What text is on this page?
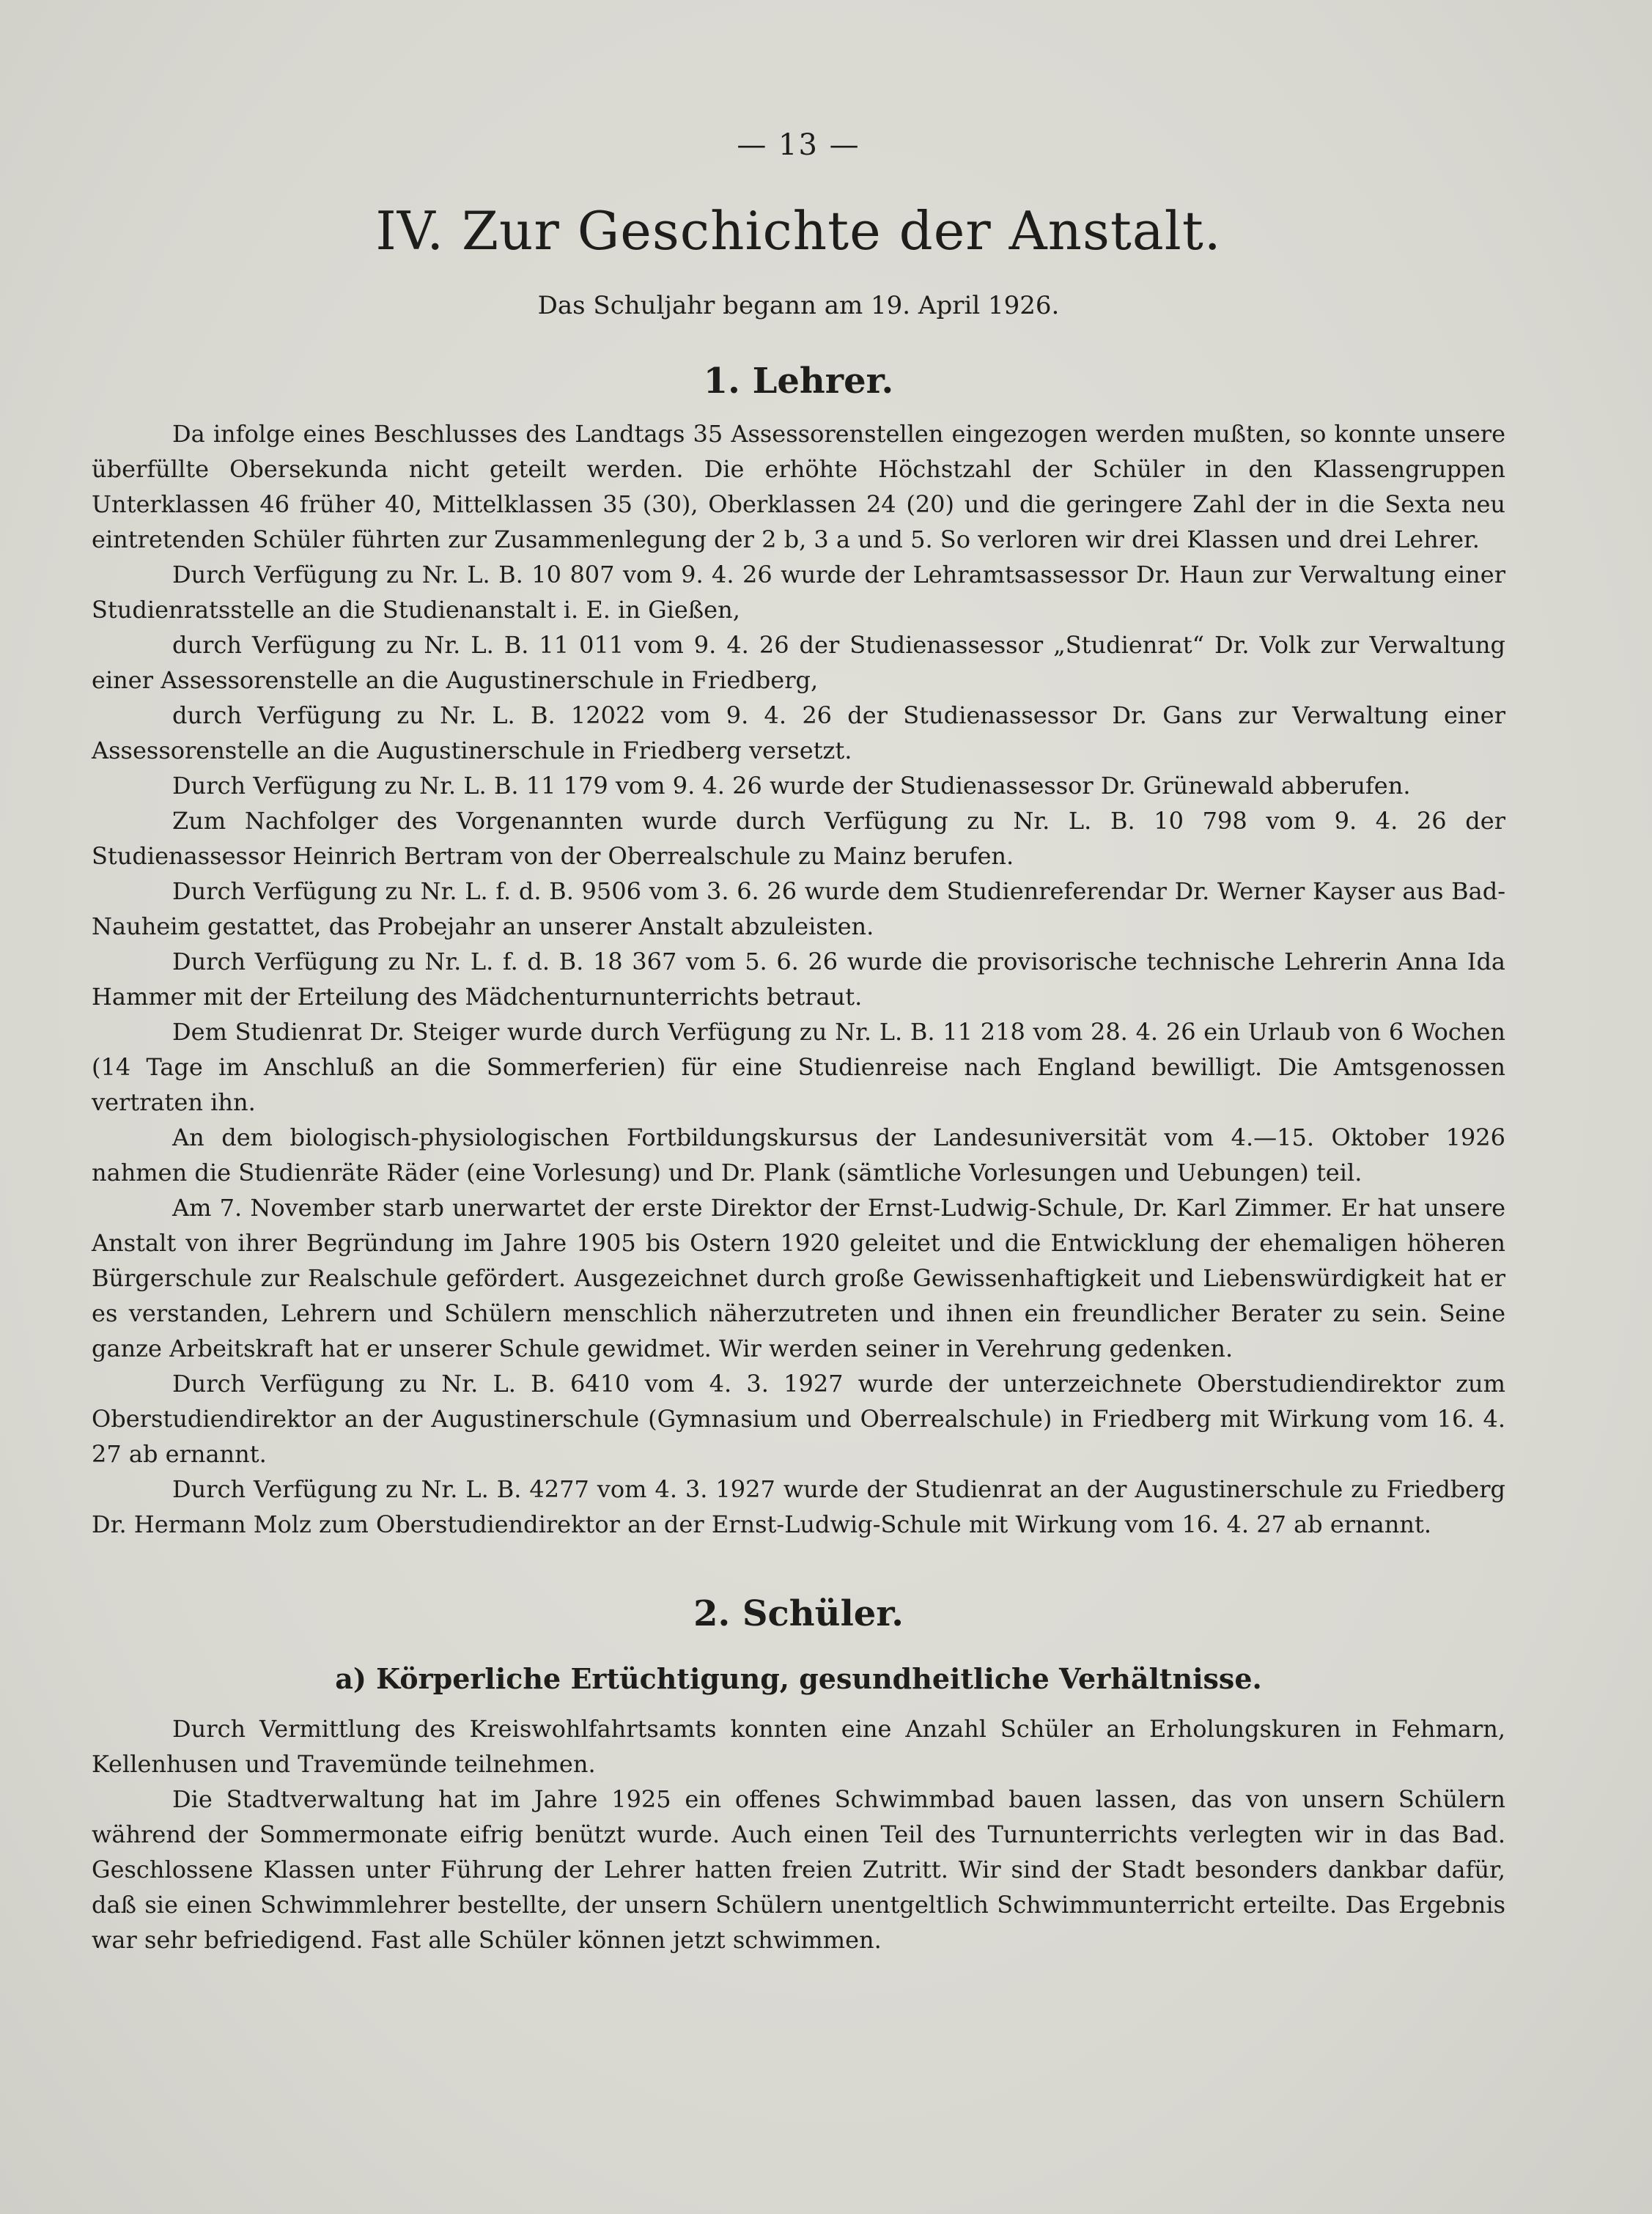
— 13 —
IV. Zur Geschichte der Anstalt.
Das Schuljahr begann am 19. April 1926.
1. Lehrer.

Da infolge eines Beschlusses des Landtags 35 Assessorenstellen eingezogen werden mußten, so konnte unsere überfüllte Obersekunda nicht geteilt werden. Die erhöhte Höchstzahl der Schüler in den Klassengruppen Unterklassen 46 früher 40, Mittelklassen 35 (30), Oberklassen 24 (20) und die geringere Zahl der in die Sexta neu eintretenden Schüler führten zur Zusammenlegung der 2 b, 3 a und 5. So verloren wir drei Klassen und drei Lehrer.

Durch Verfügung zu Nr. L. B. 10 807 vom 9. 4. 26 wurde der Lehramtsassessor Dr. Haun zur Verwaltung einer Studienratsstelle an die Studienanstalt i. E. in Gießen,

durch Verfügung zu Nr. L. B. 11 011 vom 9. 4. 26 der Studienassessor „Studienrat“ Dr. Volk zur Verwaltung einer Assessorenstelle an die Augustinerschule in Friedberg,

durch Verfügung zu Nr. L. B. 12022 vom 9. 4. 26 der Studienassessor Dr. Gans zur Verwaltung einer Assessorenstelle an die Augustinerschule in Friedberg versetzt.

Durch Verfügung zu Nr. L. B. 11 179 vom 9. 4. 26 wurde der Studienassessor Dr. Grünewald abberufen.

Zum Nachfolger des Vorgenannten wurde durch Verfügung zu Nr. L. B. 10 798 vom 9. 4. 26 der Studienassessor Heinrich Bertram von der Oberrealschule zu Mainz berufen.

Durch Verfügung zu Nr. L. f. d. B. 9506 vom 3. 6. 26 wurde dem Studienreferendar Dr. Werner Kayser aus Bad-Nauheim gestattet, das Probejahr an unserer Anstalt abzuleisten.

Durch Verfügung zu Nr. L. f. d. B. 18 367 vom 5. 6. 26 wurde die provisorische technische Lehrerin Anna Ida Hammer mit der Erteilung des Mädchenturnunterrichts betraut.

Dem Studienrat Dr. Steiger wurde durch Verfügung zu Nr. L. B. 11 218 vom 28. 4. 26 ein Urlaub von 6 Wochen (14 Tage im Anschluß an die Sommerferien) für eine Studienreise nach England bewilligt. Die Amtsgenossen vertraten ihn.

An dem biologisch-physiologischen Fortbildungskursus der Landesuniversität vom 4.—15. Oktober 1926 nahmen die Studienräte Räder (eine Vorlesung) und Dr. Plank (sämtliche Vorlesungen und Uebungen) teil.

Am 7. November starb unerwartet der erste Direktor der Ernst-Ludwig-Schule, Dr. Karl Zimmer. Er hat unsere Anstalt von ihrer Begründung im Jahre 1905 bis Ostern 1920 geleitet und die Entwicklung der ehemaligen höheren Bürgerschule zur Realschule gefördert. Ausgezeichnet durch große Gewissenhaftigkeit und Liebenswürdigkeit hat er es verstanden, Lehrern und Schülern menschlich näherzutreten und ihnen ein freundlicher Berater zu sein. Seine ganze Arbeitskraft hat er unserer Schule gewidmet. Wir werden seiner in Verehrung gedenken.

Durch Verfügung zu Nr. L. B. 6410 vom 4. 3. 1927 wurde der unterzeichnete Oberstudiendirektor zum Oberstudiendirektor an der Augustinerschule (Gymnasium und Oberrealschule) in Friedberg mit Wirkung vom 16. 4. 27 ab ernannt.

Durch Verfügung zu Nr. L. B. 4277 vom 4. 3. 1927 wurde der Studienrat an der Augustinerschule zu Friedberg Dr. Hermann Molz zum Oberstudiendirektor an der Ernst-Ludwig-Schule mit Wirkung vom 16. 4. 27 ab ernannt.

2. Schüler.
a) Körperliche Ertüchtigung, gesundheitliche Verhältnisse.

Durch Vermittlung des Kreiswohlfahrtsamts konnten eine Anzahl Schüler an Erholungskuren in Fehmarn, Kellenhusen und Travemünde teilnehmen.

Die Stadtverwaltung hat im Jahre 1925 ein offenes Schwimmbad bauen lassen, das von unsern Schülern während der Sommermonate eifrig benützt wurde. Auch einen Teil des Turnunterrichts verlegten wir in das Bad. Geschlossene Klassen unter Führung der Lehrer hatten freien Zutritt. Wir sind der Stadt besonders dankbar dafür, daß sie einen Schwimmlehrer bestellte, der unsern Schülern unentgeltlich Schwimmunterricht erteilte. Das Ergebnis war sehr befriedigend. Fast alle Schüler können jetzt schwimmen.
